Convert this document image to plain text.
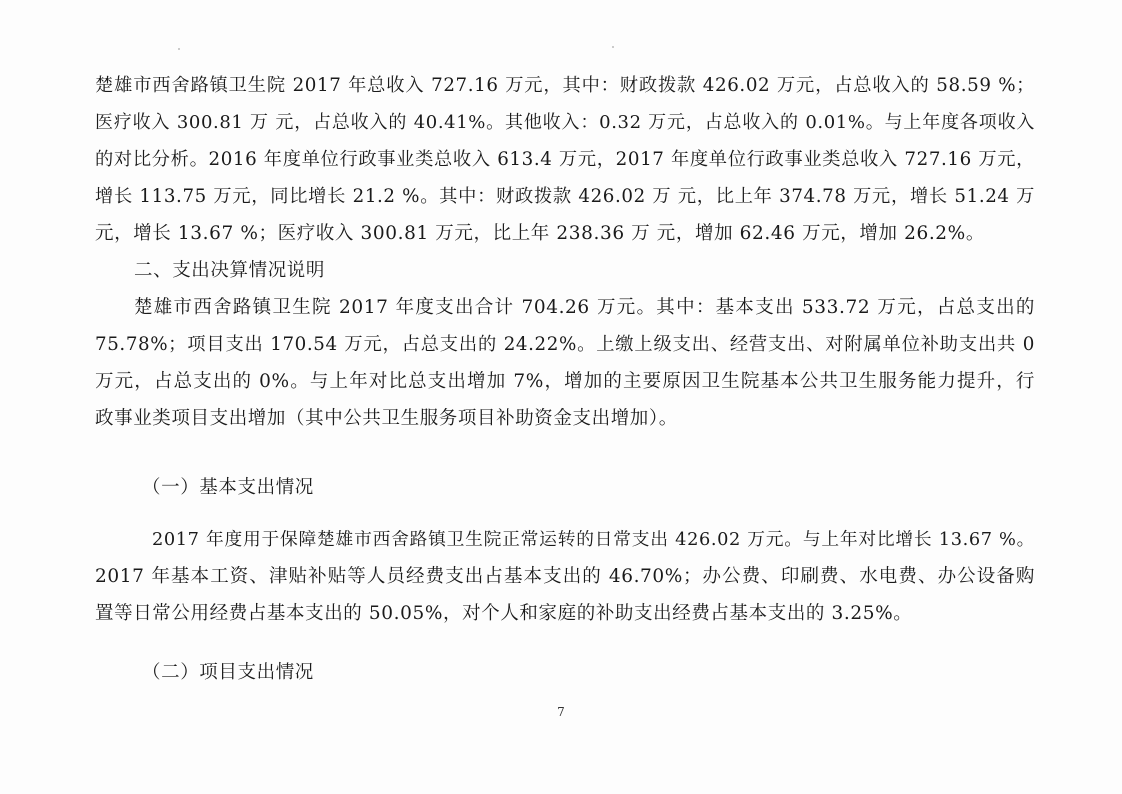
楚雄市西舍路镇卫生院 2017 年总收入 727.16 万元，其中：财政拨款 426.02 万元，占总收入的 58.59 %；
医疗收入 300.81 万 元，占总收入的 40.41%。其他收入：0.32 万元，占总收入的 0.01%。与上年度各项收入
的对比分析。2016 年度单位行政事业类总收入 613.4 万元，2017 年度单位行政事业类总收入 727.16 万元，
增长 113.75 万元，同比增长 21.2 %。其中：财政拨款 426.02 万 元，比上年 374.78 万元，增长 51.24 万
元，增长 13.67 %；医疗收入 300.81 万元，比上年 238.36 万 元，增加 62.46 万元，增加 26.2%。
二、支出决算情况说明
楚雄市西舍路镇卫生院 2017 年度支出合计 704.26 万元。其中：基本支出 533.72 万元，占总支出的
75.78%；项目支出 170.54 万元，占总支出的 24.22%。上缴上级支出、经营支出、对附属单位补助支出共 0
万元，占总支出的 0%。与上年对比总支出增加 7%，增加的主要原因卫生院基本公共卫生服务能力提升，行
政事业类项目支出增加（其中公共卫生服务项目补助资金支出增加）。
（一）基本支出情况
2017 年度用于保障楚雄市西舍路镇卫生院正常运转的日常支出 426.02 万元。与上年对比增长 13.67 %。
2017 年基本工资、津贴补贴等人员经费支出占基本支出的 46.70%；办公费、印刷费、水电费、办公设备购
置等日常公用经费占基本支出的 50.05%，对个人和家庭的补助支出经费占基本支出的 3.25%。
（二）项目支出情况
7
